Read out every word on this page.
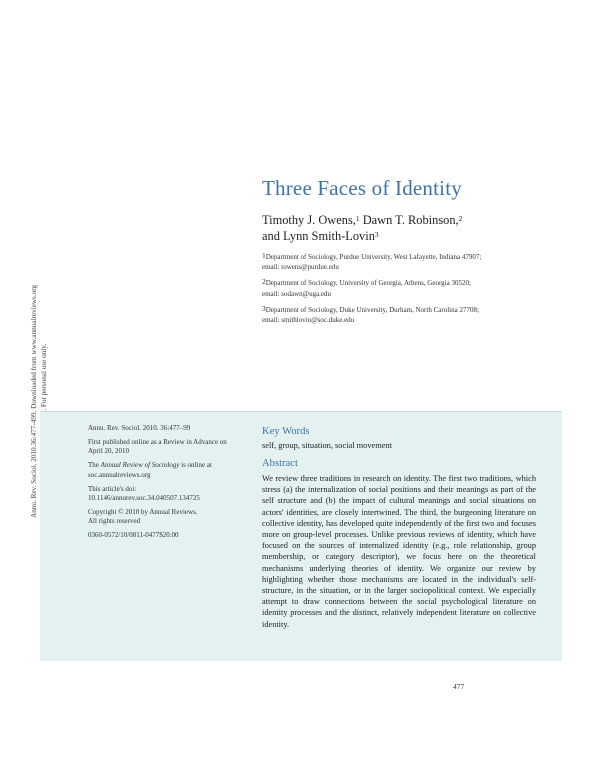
Three Faces of Identity
Timothy J. Owens,$^1$ Dawn T. Robinson,$^2$
and Lynn Smith-Lovin$^3$
$^1$Department of Sociology, Purdue University, West Lafayette, Indiana 47907;
email: towens@purdue.edu
$^2$Department of Sociology, University of Georgia, Athens, Georgia 30520;
email: sodawn@uga.edu
$^3$Department of Sociology, Duke University, Durham, North Carolina 27708;
email: smithlovin@soc.duke.edu
Annu. Rev. Sociol. 2010.36:477-499. Downloaded from www.annualreviews.org	Annu. Rev. Sociol. 2010. 36:477–99

First published online as a Review in Advance on April 20, 2010

The Annual Review of Sociology is online at soc.annualreviews.org

This article's doi:
10.1146/annurev.soc.34.040507.134725

Copyright © 2010 by Annual Reviews.
All rights reserved

0360-0572/10/0811-0477$20.00

Key Words
self, group, situation, social movement
Abstract
We review three traditions in research on identity. The first two traditions, which stress (a) the internalization of social positions and their meanings as part of the self structure and (b) the impact of cultural meanings and social situations on actors' identities, are closely intertwined. The third, the burgeoning literature on collective identity, has developed quite independently of the first two and focuses more on group-level processes. Unlike previous reviews of identity, which have focused on the sources of internalized identity (e.g., role relationship, group membership, or category descriptor), we focus here on the theoretical mechanisms underlying theories of identity. We organize our review by highlighting whether those mechanisms are located in the individual's self-structure, in the situation, or in the larger sociopolitical context. We especially attempt to draw connections between the social psychological literature on identity processes and the distinct, relatively independent literature on collective identity.
477
